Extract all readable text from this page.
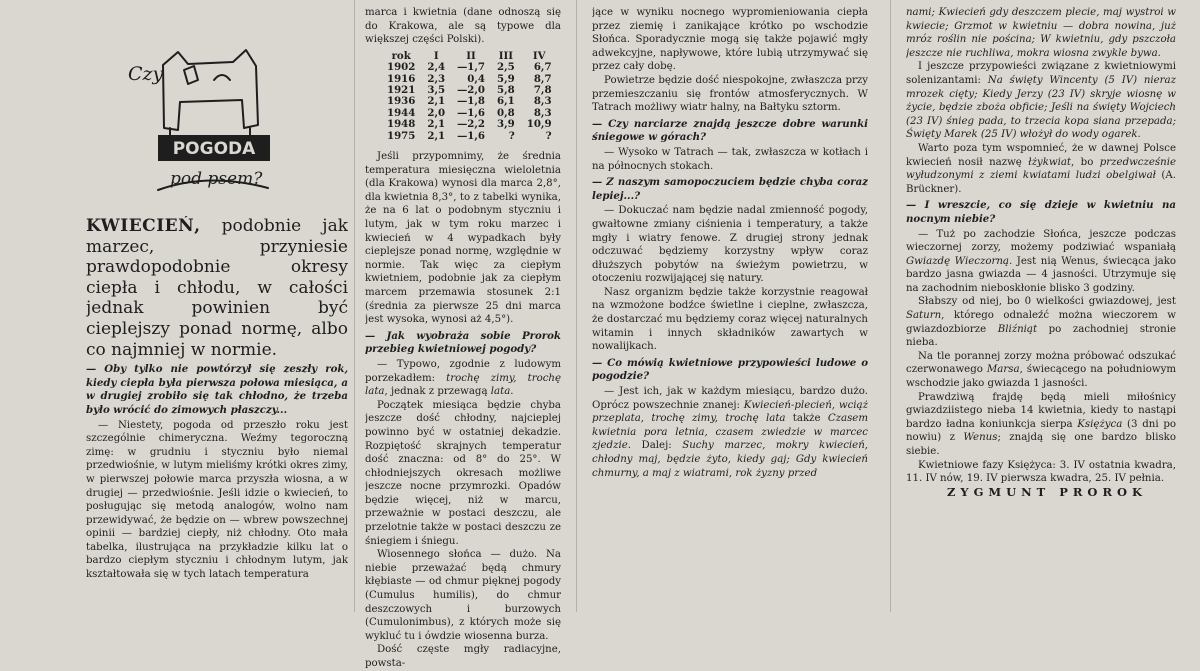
Czy
POGODA
pod psem?

KWIECIEŃ, podobnie jak marzec, przyniesie prawdopodobnie okresy ciepła i chłodu, w całości jednak powinien być cieplejszy ponad normę, albo co najmniej w normie.

— Oby tylko nie powtórzył się zeszły rok, kiedy ciepła była pierwsza połowa miesiąca, a w drugiej zrobiło się tak chłodno, że trzeba było wrócić do zimowych płaszczy...

— Niestety, pogoda od przeszło roku jest szczególnie chimeryczna. Weźmy tegoroczną zimę: w grudniu i styczniu było niemal przedwiośnie, w lutym mieliśmy krótki okres zimy, w pierwszej połowie marca przyszła wiosna, a w drugiej — przedwiośnie. Jeśli idzie o kwiecień, to posługując się metodą analogów, wolno nam przewidywać, że będzie on — wbrew powszechnej opinii — bardziej ciepły, niż chłodny. Oto mała tabelka, ilustrująca na przykładzie kilku lat o bardzo ciepłym styczniu i chłodnym lutym, jak kształtowała się w tych latach temperatura

marca i kwietnia (dane odnoszą się do Krakowa, ale są typowe dla większej części Polski).

rok	I	II	III	IV
1902	2,4	—1,7	2,5	6,7
1916	2,3	0,4	5,9	8,7
1921	3,5	—2,0	5,8	7,8
1936	2,1	—1,8	6,1	8,3
1944	2,0	—1,6	0,8	8,3
1948	2,1	—2,2	3,9	10,9
1975	2,1	—1,6	?	?

Jeśli przypomnimy, że średnia temperatura miesięczna wieloletnia (dla Krakowa) wynosi dla marca 2,8°, dla kwietnia 8,3°, to z tabelki wynika, że na 6 lat o podobnym styczniu i lutym, jak w tym roku marzec i kwiecień w 4 wypadkach były cieplejsze ponad normę, względnie w normie. Tak więc za ciepłym kwietniem, podobnie jak za ciepłym marcem przemawia stosunek 2:1 (średnia za pierwsze 25 dni marca jest wysoka, wynosi aż 4,5°).

— Jak wyobraża sobie Prorok przebieg kwietniowej pogody?

— Typowo, zgodnie z ludowym porzekadłem: trochę zimy, trochę lata, jednak z przewagą lata.

Początek miesiąca będzie chyba jeszcze dość chłodny, najcieplej powinno być w ostatniej dekadzie. Rozpiętość skrajnych temperatur dość znaczna: od 8° do 25°. W chłodniejszych okresach możliwe jeszcze nocne przymrozki. Opadów będzie więcej, niż w marcu, przeważnie w postaci deszczu, ale przelotnie także w postaci deszczu ze śniegiem i śniegu.

Wiosennego słońca — dużo. Na niebie przeważać będą chmury kłębiaste — od chmur pięknej pogody (Cumulus humilis), do chmur deszczowych i burzowych (Cumulonimbus), z których może się wykluć tu i ówdzie wiosenna burza.

Dość częste mgły radiacyjne, powsta-

jące w wyniku nocnego wypromieniowania ciepła przez ziemię i zanikające krótko po wschodzie Słońca. Sporadycznie mogą się także pojawić mgły adwekcyjne, napływowe, które lubią utrzymywać się przez cały dobę.

Powietrze będzie dość niespokojne, zwłaszcza przy przemieszczaniu się frontów atmosferycznych. W Tatrach możliwy wiatr halny, na Bałtyku sztorm.

— Czy narciarze znajdą jeszcze dobre warunki śniegowe w górach?

— Wysoko w Tatrach — tak, zwłaszcza w kotłach i na północnych stokach.

— Z naszym samopoczuciem będzie chyba coraz lepiej...?

— Dokuczać nam będzie nadal zmienność pogody, gwałtowne zmiany ciśnienia i temperatury, a także mgły i wiatry fenowe. Z drugiej strony jednak odczuwać będziemy korzystny wpływ coraz dłuższych pobytów na świeżym powietrzu, w otoczeniu rozwijającej się natury.

Nasz organizm będzie także korzystnie reagował na wzmożone bodźce świetlne i cieplne, zwłaszcza, że dostarczać mu będziemy coraz więcej naturalnych witamin i innych składników zawartych w nowalijkach.

— Co mówią kwietniowe przypowieści ludowe o pogodzie?

— Jest ich, jak w każdym miesiącu, bardzo dużo. Oprócz powszechnie znanej: Kwiecień-plecień, wciąż przeplata, trochę zimy, trochę lata także Czasem kwietnia pora letnia, czasem zwiedzie w marcec zjedzie. Dalej: Suchy marzec, mokry kwiecień, chłodny maj, będzie żyto, kiedy gaj; Gdy kwiecień chmurny, a maj z wiatrami, rok żyzny przed

nami; Kwiecień gdy deszczem plecie, maj wystroi w kwiecie; Grzmot w kwietniu — dobra nowina, już mróz roślin nie pościna; W kwietniu, gdy pszczoła jeszcze nie ruchliwa, mokra wiosna zwykle bywa.

I jeszcze przypowieści związane z kwietniowymi solenizantami: Na święty Wincenty (5 IV) nieraz mrozek cięty; Kiedy Jerzy (23 IV) skryje wiosnę w życie, będzie zboża obficie; Jeśli na święty Wojciech (23 IV) śnieg pada, to trzecia kopa siana przepada; Święty Marek (25 IV) włożył do wody ogarek.

Warto poza tym wspomnieć, że w dawnej Polsce kwiecień nosił nazwę łżykwiat, bo przedwcześnie wyłudzonymi z ziemi kwiatami ludzi obelgiwał (A. Brückner).

— I wreszcie, co się dzieje w kwietniu na nocnym niebie?

— Tuż po zachodzie Słońca, jeszcze podczas wieczornej zorzy, możemy podziwiać wspaniałą Gwiazdę Wieczorną. Jest nią Wenus, świecąca jako bardzo jasna gwiazda — 4 jasności. Utrzymuje się na zachodnim nieboskłonie blisko 3 godziny.

Słabszy od niej, bo 0 wielkości gwiazdowej, jest Saturn, którego odnaleźć można wieczorem w gwiazdozbiorze Bliźniąt po zachodniej stronie nieba.

Na tle porannej zorzy można próbować odszukać czerwonawego Marsa, świecącego na południowym wschodzie jako gwiazda 1 jasności.

Prawdziwą frajdę będą mieli miłośnicy gwiazdziistego nieba 14 kwietnia, kiedy to nastąpi bardzo ładna koniunkcja sierpa Księżyca (3 dni po nowiu) z Wenus; znajdą się one bardzo blisko siebie.

Kwietniowe fazy Księżyca: 3. IV ostatnia kwadra, 11. IV nów, 19. IV pierwsza kwadra, 25. IV pełnia.

ZYGMUNT PROROK
